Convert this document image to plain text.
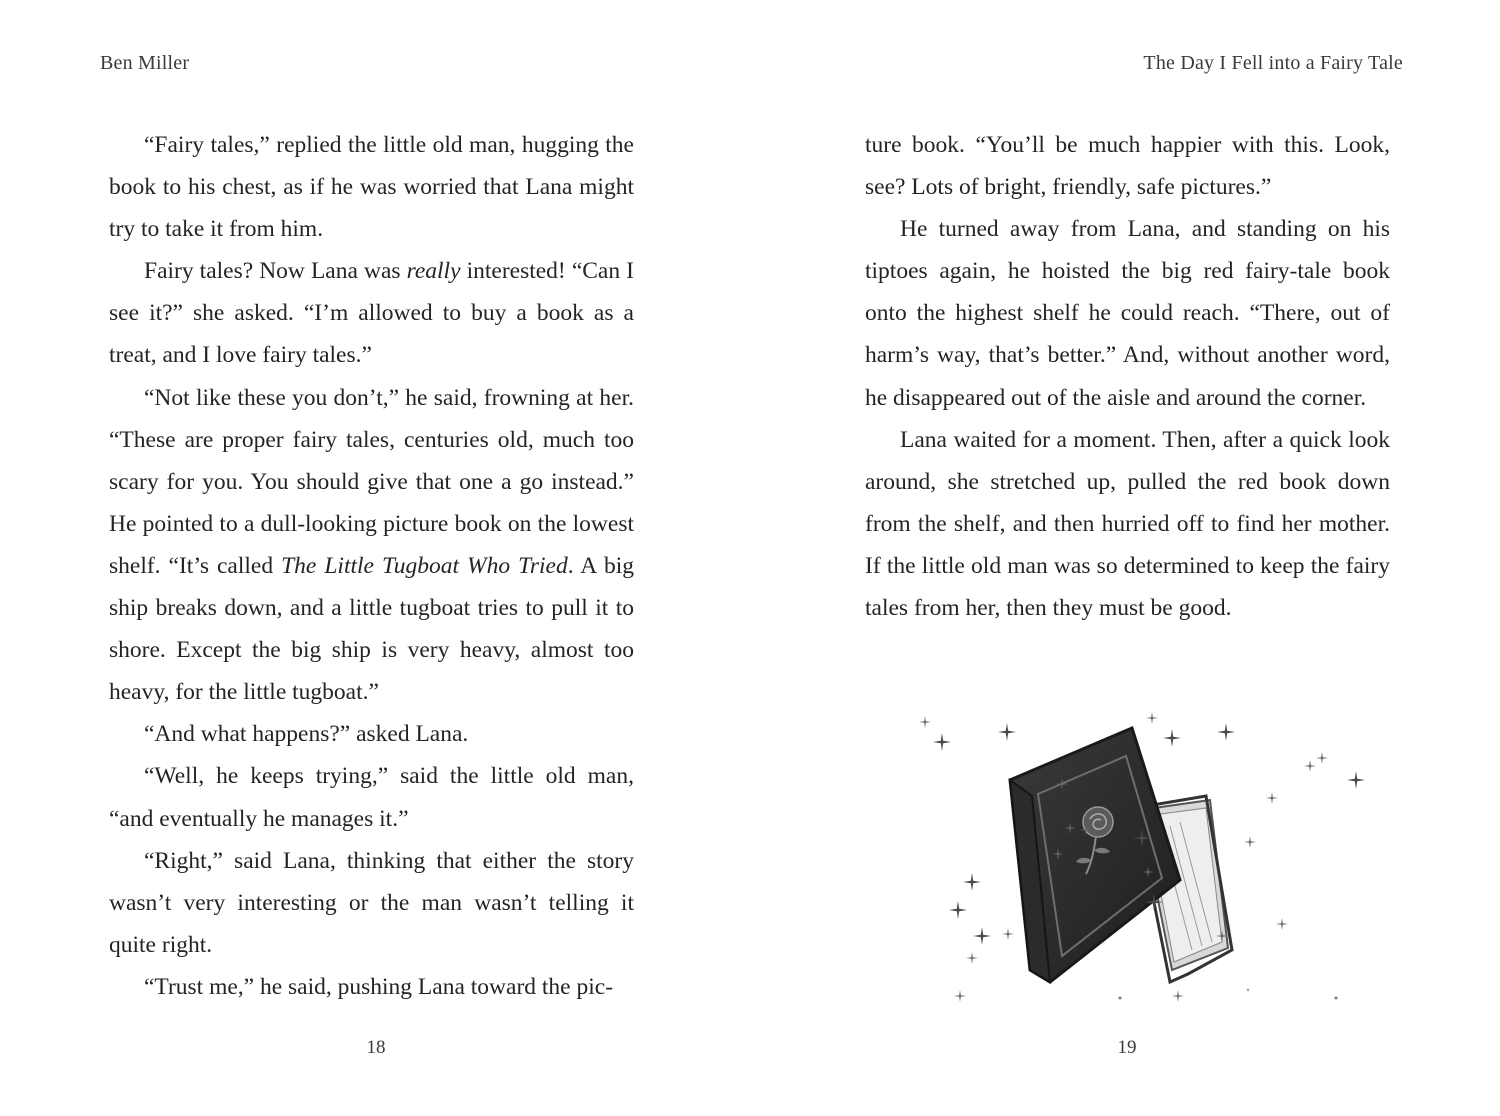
Ben Miller

“Fairy tales,” replied the little old man, hugging the book to his chest, as if he was worried that Lana might try to take it from him.

Fairy tales? Now Lana was really interested! “Can I see it?” she asked. “I’m allowed to buy a book as a treat, and I love fairy tales.”

“Not like these you don’t,” he said, frowning at her. “These are proper fairy tales, centuries old, much too scary for you. You should give that one a go instead.” He pointed to a dull-looking picture book on the lowest shelf. “It’s called The Little Tugboat Who Tried. A big ship breaks down, and a little tugboat tries to pull it to shore. Except the big ship is very heavy, almost too heavy, for the little tugboat.”

“And what happens?” asked Lana.

“Well, he keeps trying,” said the little old man, “and eventually he manages it.”

“Right,” said Lana, thinking that either the story wasn’t very interesting or the man wasn’t telling it quite right.

“Trust me,” he said, pushing Lana toward the pic-

18
The Day I Fell into a Fairy Tale

ture book. “You’ll be much happier with this. Look, see? Lots of bright, friendly, safe pictures.”

He turned away from Lana, and standing on his tiptoes again, he hoisted the big red fairy-tale book onto the highest shelf he could reach. “There, out of harm’s way, that’s better.” And, without another word, he disappeared out of the aisle and around the corner.

Lana waited for a moment. Then, after a quick look around, she stretched up, pulled the red book down from the shelf, and then hurried off to find her mother. If the little old man was so determined to keep the fairy tales from her, then they must be good.

19
